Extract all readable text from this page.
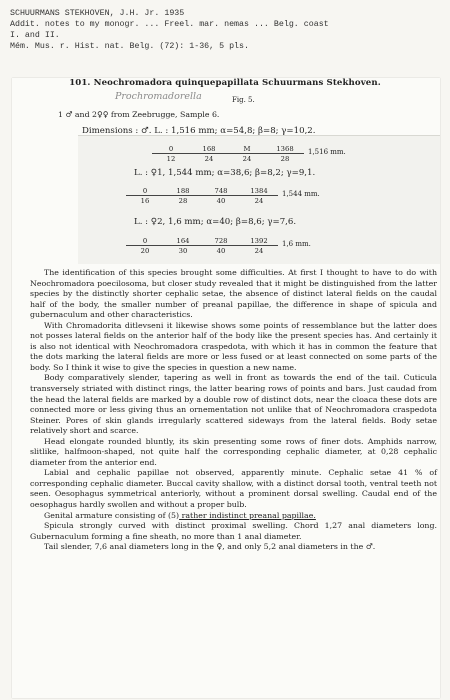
SCHUURMANS STEKHOVEN, J.H. Jr. 1935
Addit. notes to my monogr. ... Freel. mar. nemas ... Belg. coast
I. and II.
Mém. Mus. r. Hist. nat. Belg. (72): 1-36, 5 pls.
101. Neochromadora quinquepapillata Schuurmans Stekhoven.
Prochromadorella	Fig. 5.
1 ♂ and 2♀♀ from Zeebrugge, Sample 6.
Dimensions : ♂. L. : 1,516 mm; α=54,8; β=8; γ=10,2.
0	168	M	1368
12	24	24	28
1,516 mm.
L. : ♀1, 1,544 mm; α=38,6; β=8,2; γ=9,1.
0	188	748	1384
16	28	40	24
1,544 mm.
L. : ♀2, 1,6 mm; α=40; β=8,6; γ=7,6.
0	164	728	1392
20	30	40	24
1,6 mm.

The identification of this species brought some difficulties. At first I thought to have to do with Neochromadora poecilosoma, but closer study revealed that it might be distinguished from the latter species by the distinctly shorter cephalic setae, the absence of distinct lateral fields on the caudal half of the body, the smaller number of preanal papillae, the difference in shape of spicula and gubernaculum and other characteristics.

With Chromadorita ditlevseni it likewise shows some points of ressemblance but the latter does not posses lateral fields on the anterior half of the body like the present species has. And certainly it is also not identical with Neochromadora craspedota, with which it has in common the feature that the dots marking the lateral fields are more or less fused or at least connected on some parts of the body. So I think it wise to give the species in question a new name.

Body comparatively slender, tapering as well in front as towards the end of the tail. Cuticula transversely striated with distinct rings, the latter bearing rows of points and bars. Just caudad from the head the lateral fields are marked by a double row of distinct dots, near the cloaca these dots are connected more or less giving thus an ornementation not unlike that of Neochromadora craspedota Steiner. Pores of skin glands irregularly scattered sideways from the lateral fields. Body setae relatively short and scarce.

Head elongate rounded bluntly, its skin presenting some rows of finer dots. Amphids narrow, slitlike, halfmoon-shaped, not quite half the corresponding cephalic diameter, at 0,28 cephalic diameter from the anterior end.

Labial and cephalic papillae not observed, apparently minute. Cephalic setae 41 % of corresponding cephalic diameter. Buccal cavity shallow, with a distinct dorsal tooth, ventral teeth not seen. Oesophagus symmetrical anteriorly, without a prominent dorsal swelling. Caudal end of the oesophagus hardly swollen and without a proper bulb.

Genital armature consisting of (5) rather indistinct preanal papillae.

Spicula strongly curved with distinct proximal swelling. Chord 1,27 anal diameters long. Gubernaculum forming a fine sheath, no more than 1 anal diameter.

Tail slender, 7,6 anal diameters long in the ♀, and only 5,2 anal diameters in the ♂.
